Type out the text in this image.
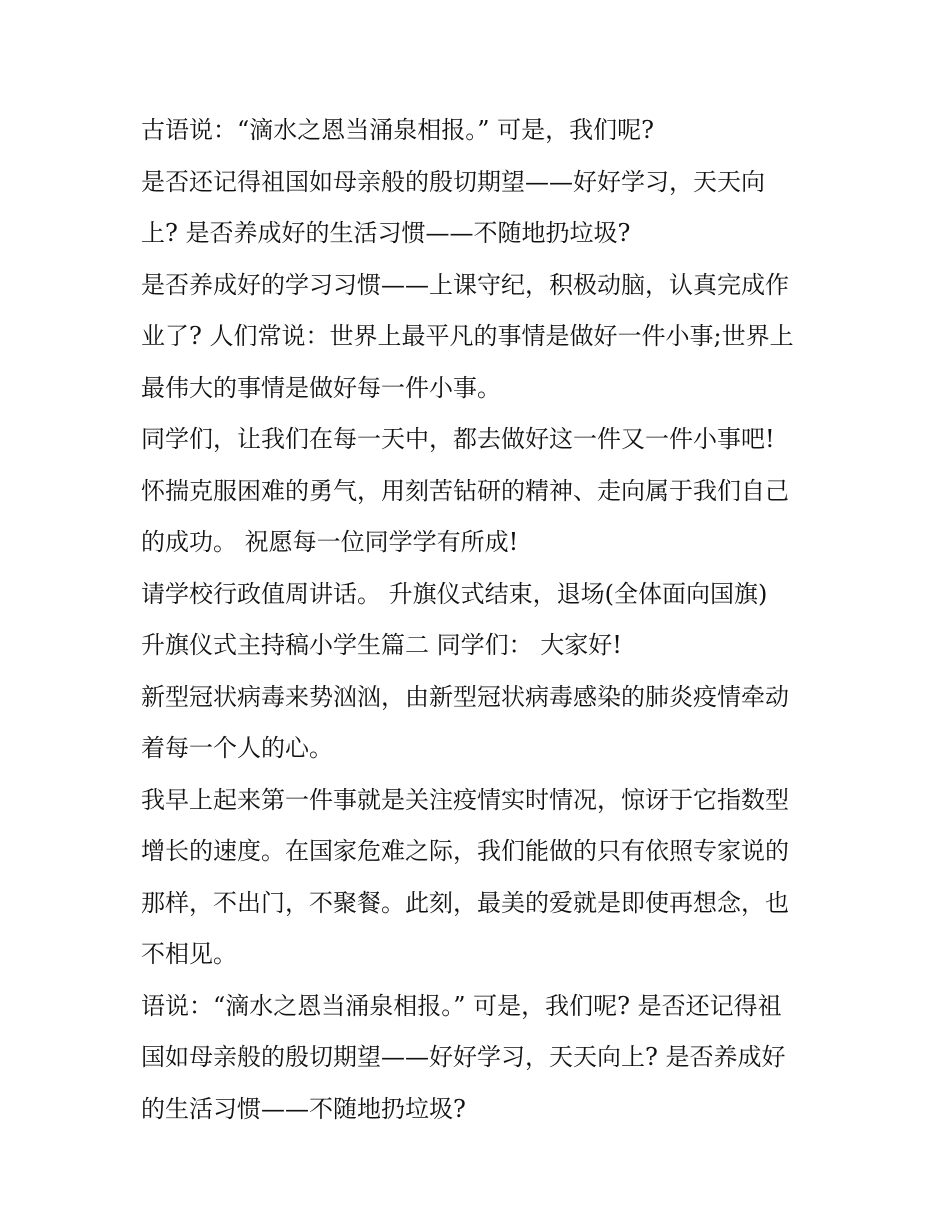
古语说：“滴水之恩当涌泉相报。” 可是，我们呢?
是否还记得祖国如母亲般的殷切期望——好好学习，天天向
上? 是否养成好的生活习惯——不随地扔垃圾?
是否养成好的学习习惯——上课守纪，积极动脑，认真完成作
业了? 人们常说：世界上最平凡的事情是做好一件小事;世界上
最伟大的事情是做好每一件小事。
同学们，让我们在每一天中，都去做好这一件又一件小事吧!
怀揣克服困难的勇气，用刻苦钻研的精神、走向属于我们自己
的成功。 祝愿每一位同学学有所成!
请学校行政值周讲话。 升旗仪式结束，退场(全体面向国旗)
升旗仪式主持稿小学生篇二 同学们： 大家好!
新型冠状病毒来势汹汹，由新型冠状病毒感染的肺炎疫情牵动
着每一个人的心。
我早上起来第一件事就是关注疫情实时情况，惊讶于它指数型
增长的速度。在国家危难之际，我们能做的只有依照专家说的
那样，不出门，不聚餐。此刻，最美的爱就是即使再想念，也
不相见。
语说：“滴水之恩当涌泉相报。” 可是，我们呢? 是否还记得祖
国如母亲般的殷切期望——好好学习，天天向上? 是否养成好
的生活习惯——不随地扔垃圾?
